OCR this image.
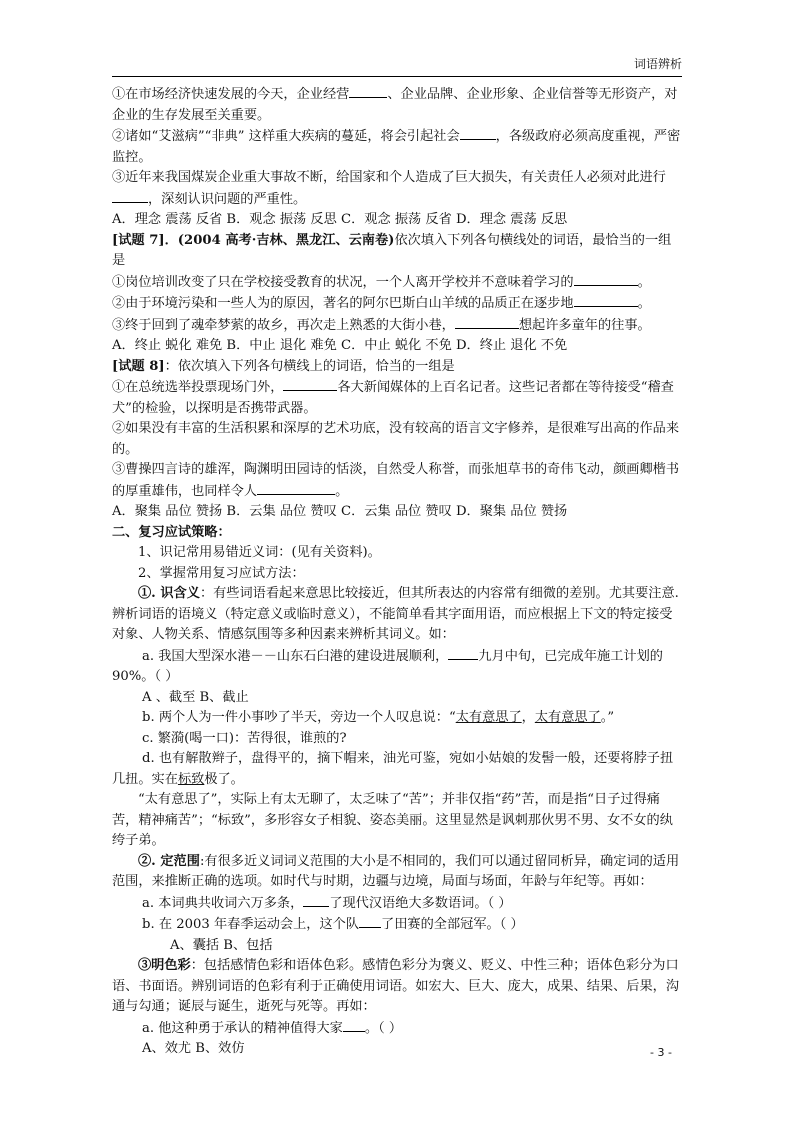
词语辨析

①在市场经济快速发展的今天，企业经营	、企业品牌、企业形象、企业信誉等无形资产，对企业的生存发展至关重要。

②诸如“艾滋病”“非典” 这样重大疾病的蔓延，将会引起社会	，各级政府必须高度重视，严密监控。

③近年来我国煤炭企业重大事故不断，给国家和个人造成了巨大损失，有关责任人必须对此进行，深刻认识问题的严重性。

A．理念 震荡 反省 B．观念 振荡 反思 C．观念 振荡 反省 D．理念 震荡 反思

[试题 7]．(2004 高考·吉林、黑龙江、云南卷)依次填入下列各句横线处的词语，最恰当的一组是

①岗位培训改变了只在学校接受教育的状况，一个人离开学校并不意味着学习的	。

②由于环境污染和一些人为的原因，著名的阿尔巴斯白山羊绒的品质正在逐步地	。

③终于回到了魂牵梦萦的故乡，再次走上熟悉的大街小巷，	想起许多童年的往事。

A．终止 蜕化 难免 B．中止 退化 难免 C．中止 蜕化 不免 D．终止 退化 不免

[试题 8]：依次填入下列各句横线上的词语，恰当的一组是

①在总统选举投票现场门外，	各大新闻媒体的上百名记者。这些记者都在等待接受“稽查犬”的检验，以探明是否携带武器。

②如果没有丰富的生活积累和深厚的艺术功底，没有较高的语言文字修养，是很难写出高的作品来的。

③曹操四言诗的雄浑，陶渊明田园诗的恬淡，自然受人称誉，而张旭草书的奇伟飞动，颜画卿楷书的厚重雄伟，也同样令人	。

A．聚集 品位 赞扬 B．云集 品位 赞叹 C．云集 品位 赞叹 D．聚集 品位 赞扬

二、复习应试策略：

1、识记常用易错近义词：(见有关资料)。

2、掌握常用复习应试方法：

①. 识含义：有些词语看起来意思比较接近，但其所表达的内容常有细微的差别。尤其要注意. 辨析词语的语境义（特定意义或临时意义），不能简单看其字面用语，而应根据上下文的特定接受对象、人物关系、情感氛围等多种因素来辨析其词义。如：

a. 我国大型深水港－－山东石臼港的建设进展顺利， 九月中旬，已完成年施工计划的90%。（ ）

A 、截至 B、截止

b. 两个人为一件小事吵了半天，旁边一个人叹息说：“太有意思了，太有意思了。”

c. 繁漪(喝一口)：苦得很，谁煎的?

d. 也有解散辫子，盘得平的，摘下帽来，油光可鉴，宛如小姑娘的发髻一般，还要将脖子扭几扭。实在标致极了。

“太有意思了”，实际上有太无聊了，太乏味了“苦”；并非仅指“药”苦，而是指“日子过得痛苦，精神痛苦”；“标致”，多形容女子相貌、姿态美丽。这里显然是讽刺那伙男不男、女不女的纨绔子弟。

②. 定范围:有很多近义词词义范围的大小是不相同的，我们可以通过留同析异，确定词的适用范围，来推断正确的选项。如时代与时期，边疆与边境，局面与场面，年龄与年纪等。再如：

a. 本词典共收词六万多条， 了现代汉语绝大多数语词。（ ）

b. 在 2003 年春季运动会上，这个队 了田赛的全部冠军。（ ）

A、囊括 B、包括

③明色彩：包括感情色彩和语体色彩。感情色彩分为褒义、贬义、中性三种；语体色彩分为口语、书面语。辨别词语的色彩有利于正确使用词语。如宏大、巨大、庞大，成果、结果、后果，沟通与勾通；诞辰与诞生，逝死与死等。再如：

a. 他这种勇于承认的精神值得大家 。（ ）

A、效尤 B、效仿	- 3 -
